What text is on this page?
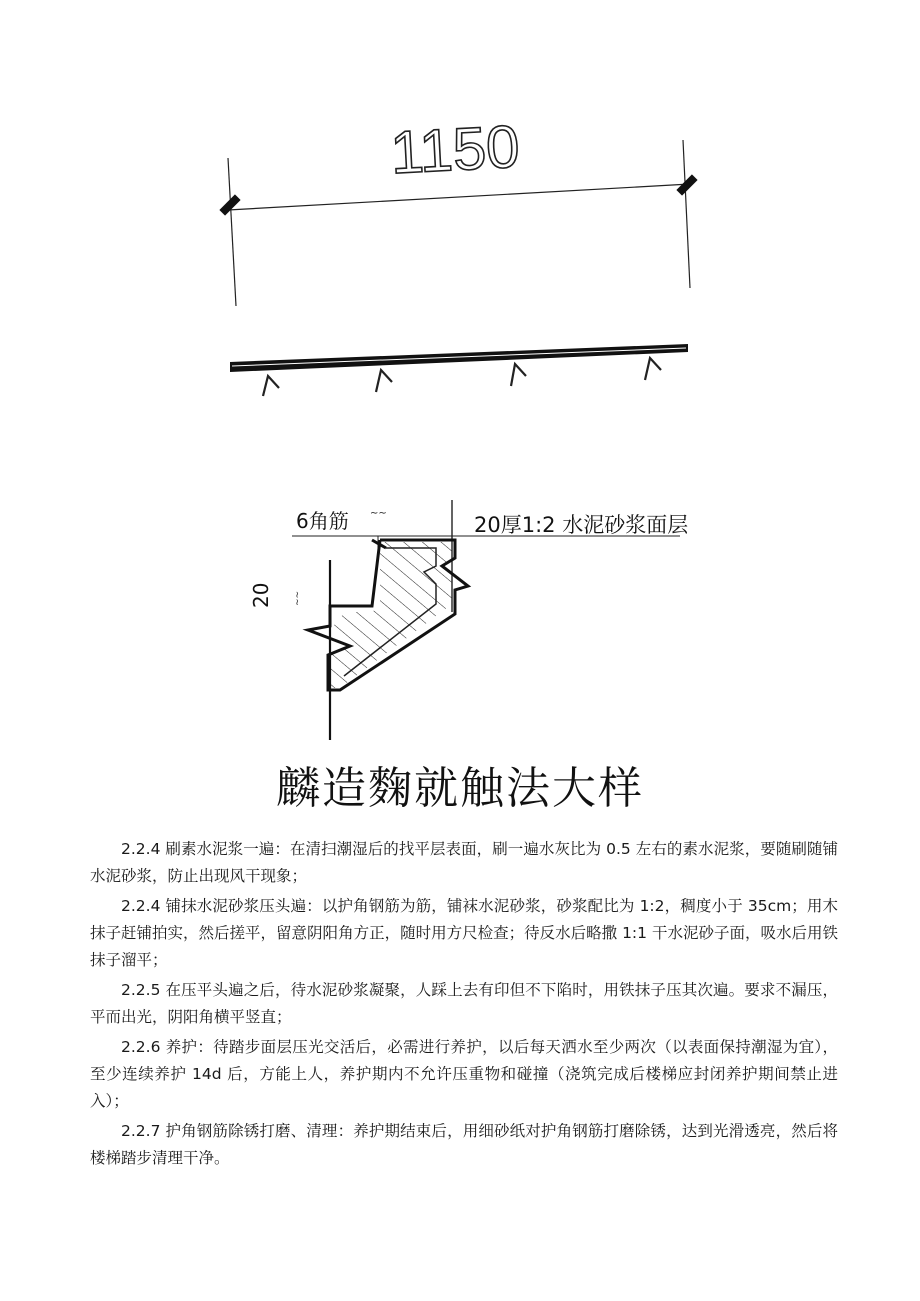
1150
6角筋 ∼∼	20厚1:2 水泥砂浆面层
20 ∼∼
麟造麴就触法大样

2.2.4 刷素水泥浆一遍：在清扫潮湿后的找平层表面，刷一遍水灰比为 0.5 左右的素水泥浆，要随刷随铺水泥砂浆，防止出现风干现象；

2.2.4 铺抹水泥砂浆压头遍：以护角钢筋为筋，铺袜水泥砂浆，砂浆配比为 1:2，稠度小于 35cm；用木抹子赶铺拍实，然后搓平，留意阴阳角方正，随时用方尺检查；待反水后略撒 1:1 干水泥砂子面，吸水后用铁抹子溜平；

2.2.5 在压平头遍之后，待水泥砂浆凝聚，人踩上去有印但不下陷时，用铁抹子压其次遍。要求不漏压，平而出光，阴阳角横平竖直；

2.2.6 养护：待踏步面层压光交活后，必需进行养护，以后每天洒水至少两次（以表面保持潮湿为宜），至少连续养护 14d 后，方能上人，养护期内不允许压重物和碰撞（浇筑完成后楼梯应封闭养护期间禁止进入）；

2.2.7 护角钢筋除锈打磨、清理：养护期结束后，用细砂纸对护角钢筋打磨除锈，达到光滑透亮，然后将楼梯踏步清理干净。
